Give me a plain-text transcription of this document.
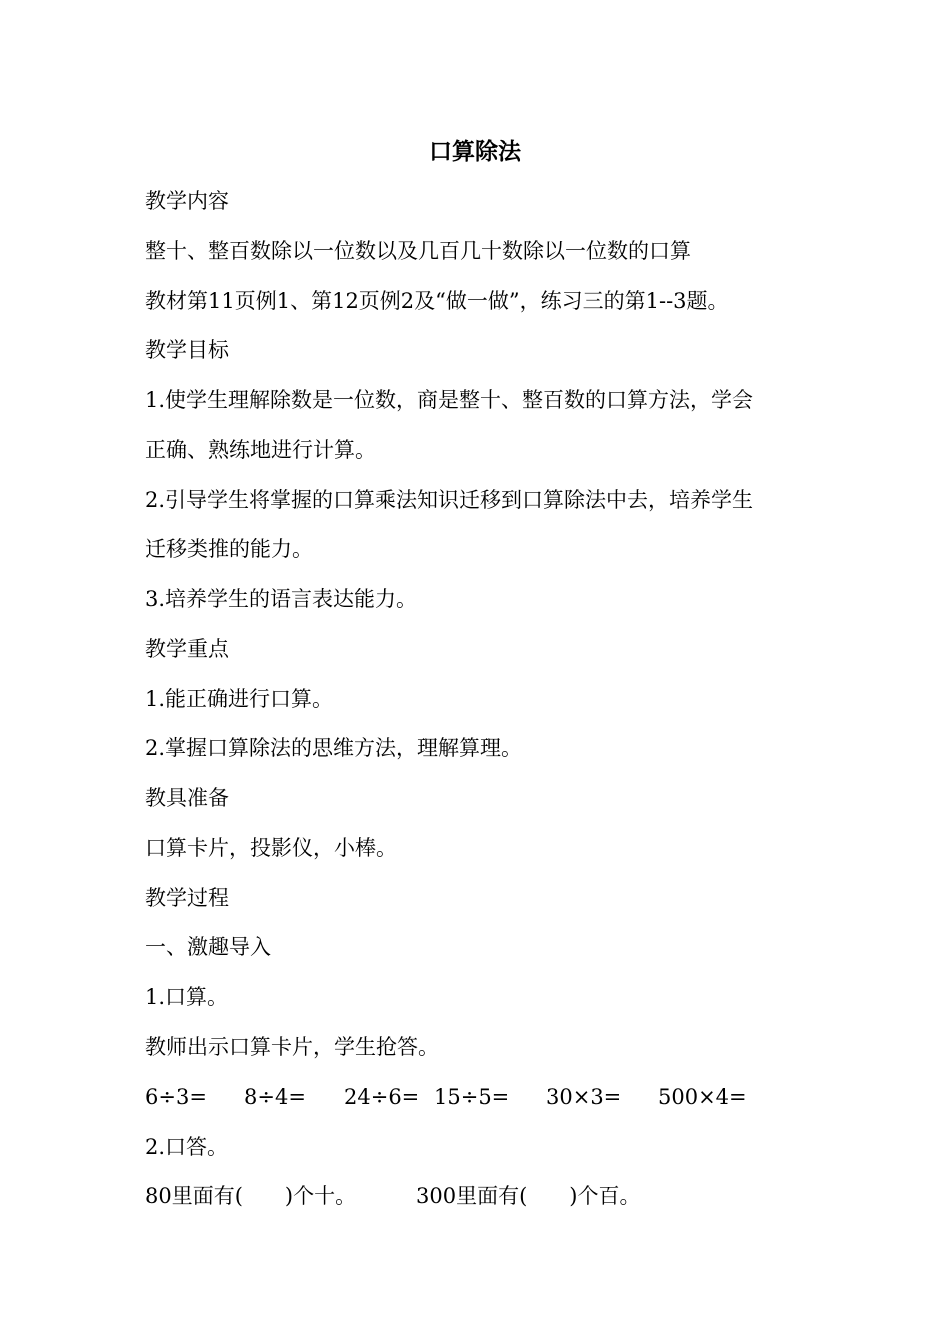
口算除法
教学内容
整十、整百数除以一位数以及几百几十数除以一位数的口算
教材第11页例1、第12页例2及“做一做”，练习三的第1--3题。
教学目标
1.使学生理解除数是一位数，商是整十、整百数的口算方法，学会
正确、熟练地进行计算。
2.引导学生将掌握的口算乘法知识迁移到口算除法中去，培养学生
迁移类推的能力。
3.培养学生的语言表达能力。
教学重点
1.能正确进行口算。
2.掌握口算除法的思维方法，理解算理。
教具准备
口算卡片，投影仪，小棒。
教学过程
一、激趣导入
1.口算。
教师出示口算卡片，学生抢答。
6÷3= 8÷4= 24÷6= 15÷5= 30×3= 500×4=
2.口答。
80里面有(　　)个十。	300里面有(　　)个百。
